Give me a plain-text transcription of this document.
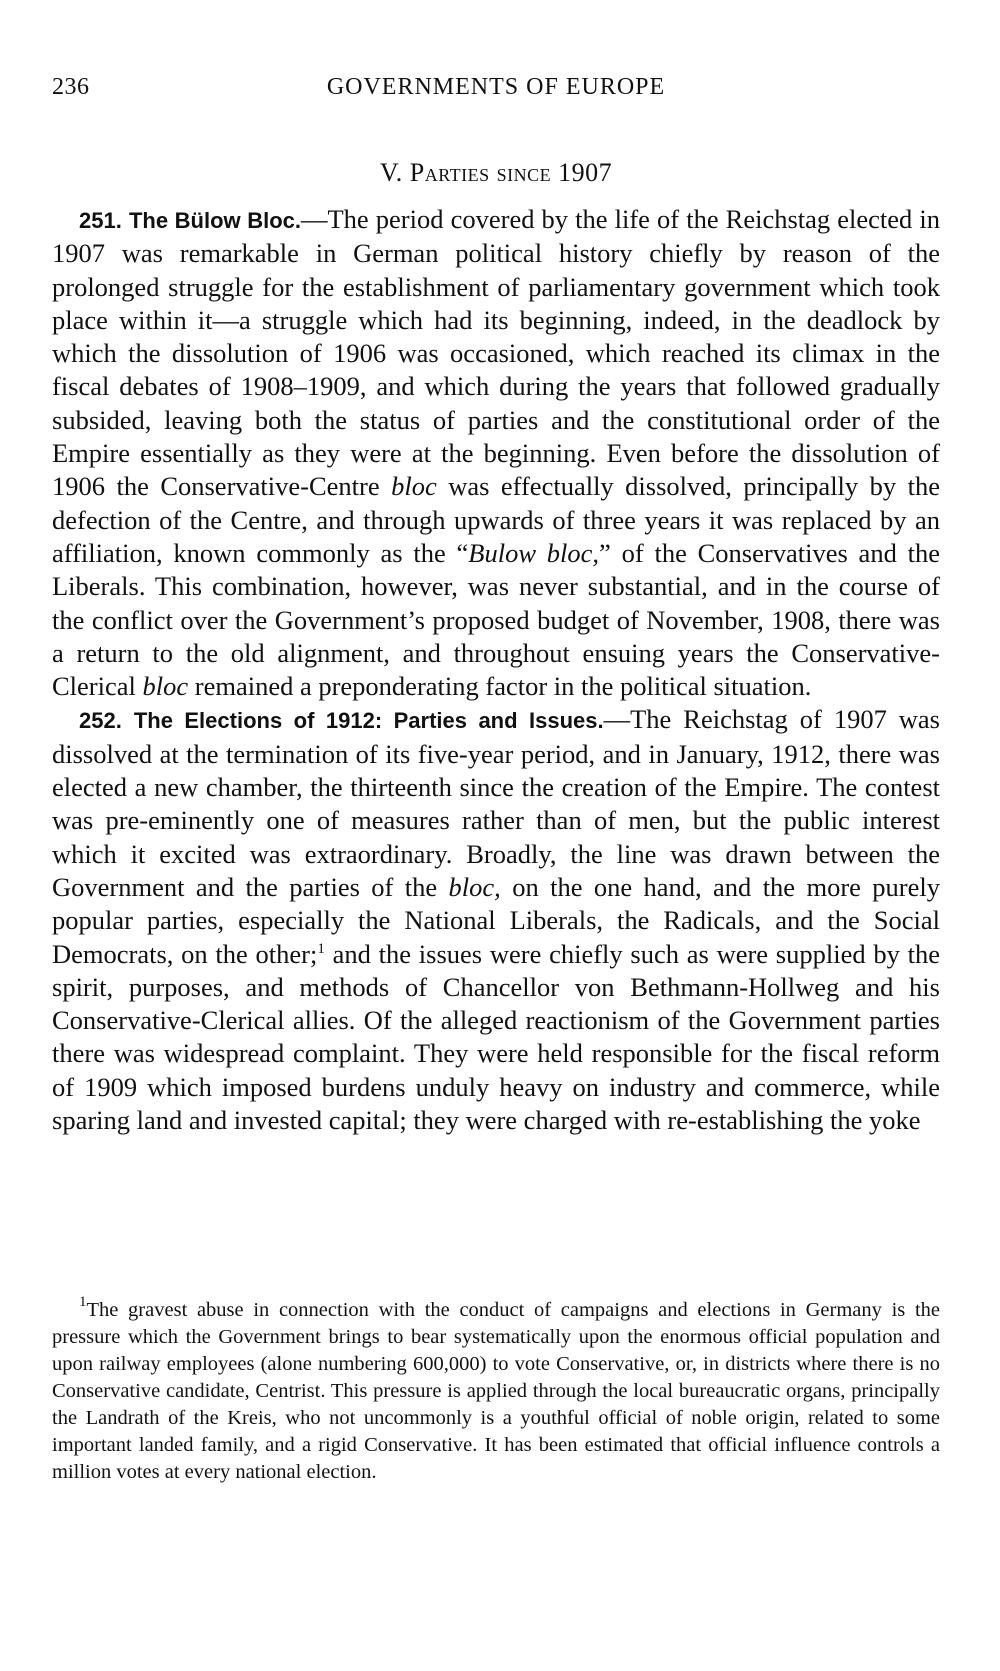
236	GOVERNMENTS OF EUROPE
V. Parties since 1907

251. The Bülow Bloc.—The period covered by the life of the Reichstag elected in 1907 was remarkable in German political history chiefly by reason of the prolonged struggle for the establishment of parliamentary government which took place within it—a struggle which had its beginning, indeed, in the deadlock by which the dissolution of 1906 was occasioned, which reached its climax in the fiscal debates of 1908–1909, and which during the years that followed gradually subsided, leaving both the status of parties and the constitutional order of the Empire essentially as they were at the beginning. Even before the dissolution of 1906 the Conservative-Centre bloc was effectually dissolved, principally by the defection of the Centre, and through upwards of three years it was replaced by an affiliation, known commonly as the “Bulow bloc,” of the Conservatives and the Liberals. This combination, however, was never substantial, and in the course of the conflict over the Government’s proposed budget of November, 1908, there was a return to the old alignment, and throughout ensuing years the Conservative-Clerical bloc remained a preponderating factor in the political situation.

252. The Elections of 1912: Parties and Issues.—The Reichstag of 1907 was dissolved at the termination of its five-year period, and in January, 1912, there was elected a new chamber, the thirteenth since the creation of the Empire. The contest was pre-eminently one of measures rather than of men, but the public interest which it excited was extraordinary. Broadly, the line was drawn between the Government and the parties of the bloc, on the one hand, and the more purely popular parties, especially the National Liberals, the Radicals, and the Social Democrats, on the other;$^1$ and the issues were chiefly such as were supplied by the spirit, purposes, and methods of Chancellor von Bethmann-Hollweg and his Conservative-Clerical allies. Of the alleged reactionism of the Government parties there was widespread complaint. They were held responsible for the fiscal reform of 1909 which imposed burdens unduly heavy on industry and commerce, while sparing land and invested capital; they were charged with re-establishing the yoke

$^1$The gravest abuse in connection with the conduct of campaigns and elections in Germany is the pressure which the Government brings to bear systematically upon the enormous official population and upon railway employees (alone numbering 600,000) to vote Conservative, or, in districts where there is no Conservative candidate, Centrist. This pressure is applied through the local bureaucratic organs, principally the Landrath of the Kreis, who not uncommonly is a youthful official of noble origin, related to some important landed family, and a rigid Conservative. It has been estimated that official influence controls a million votes at every national election.
